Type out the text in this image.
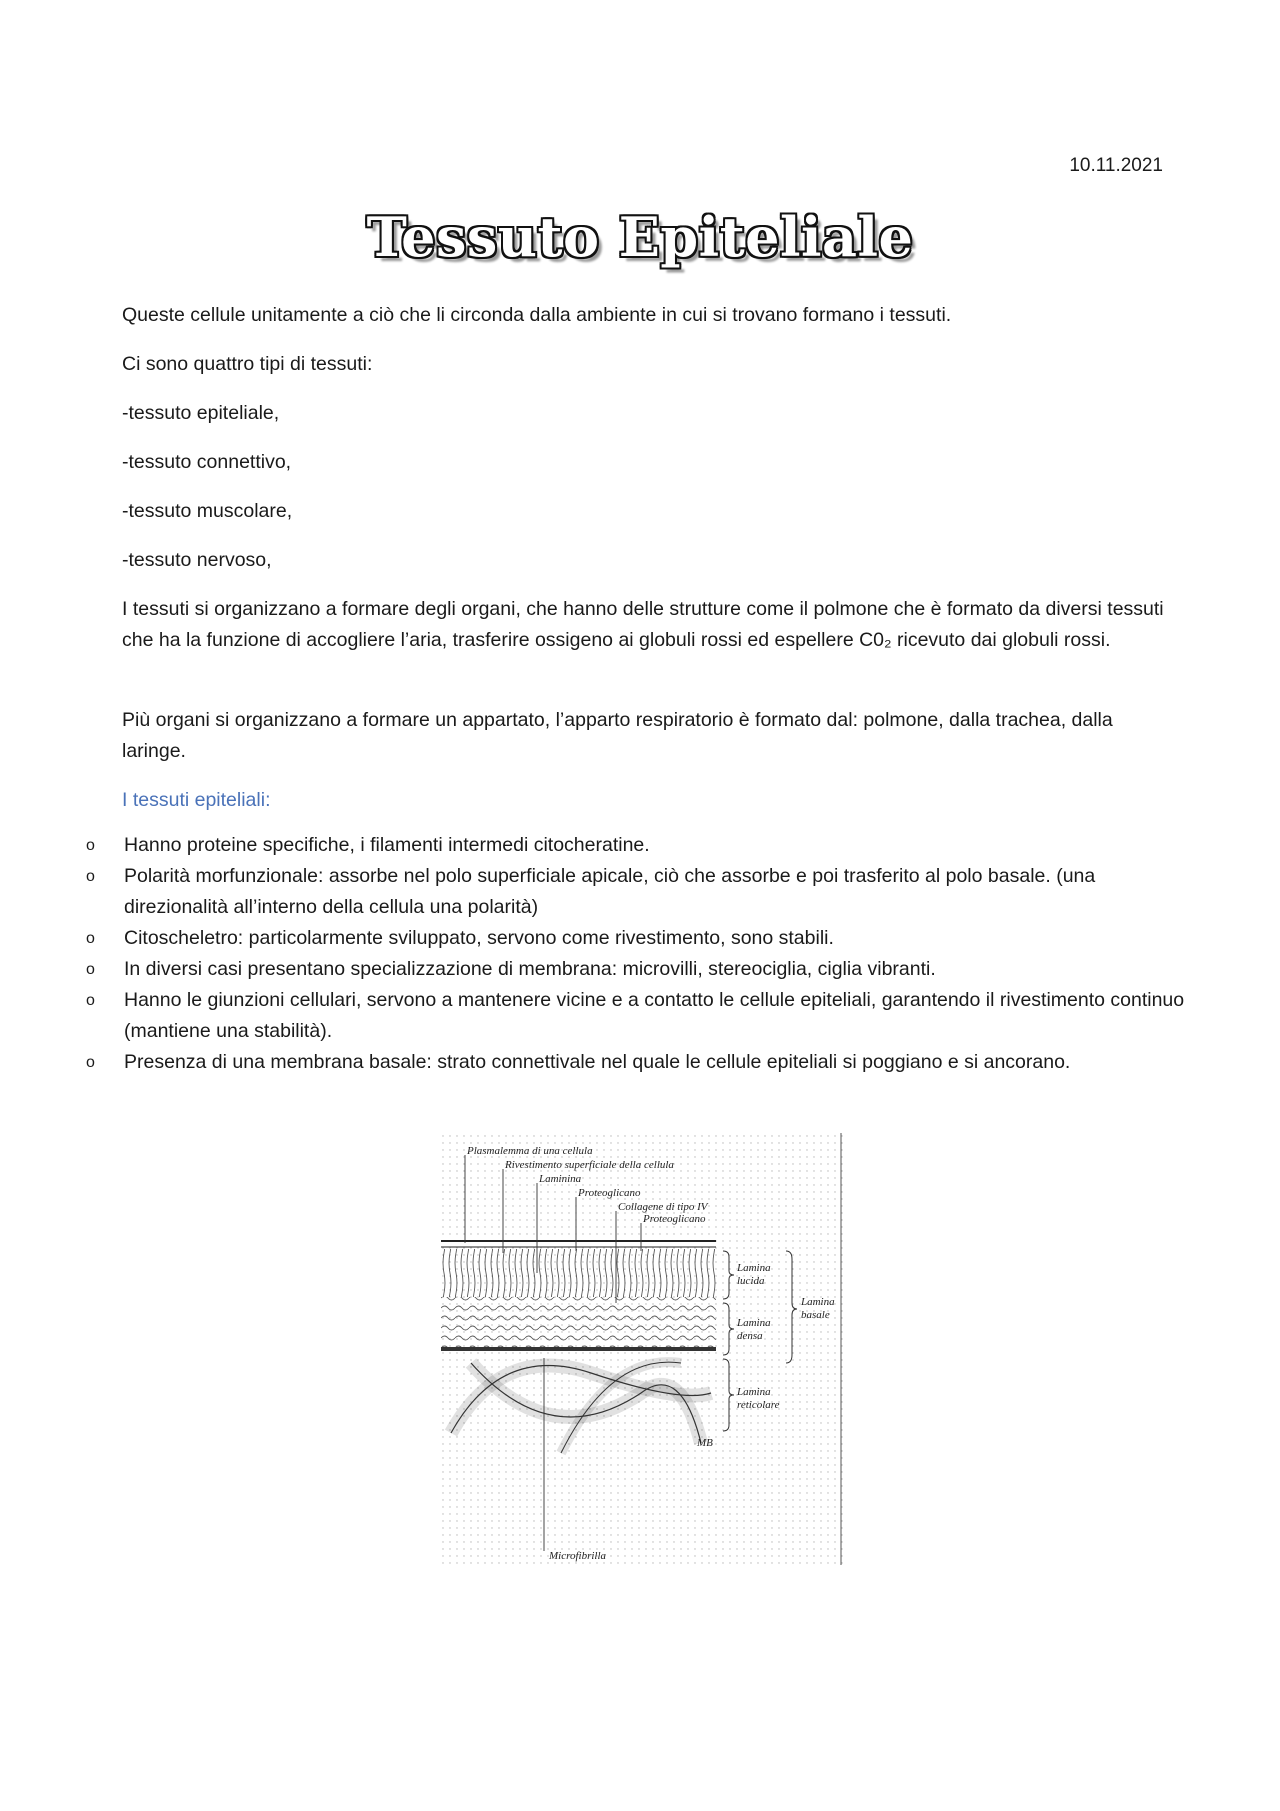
10.11.2021
Tessuto Epiteliale
Queste cellule unitamente a ciò che li circonda dalla ambiente in cui si trovano formano i tessuti.
Ci sono quattro tipi di tessuti:
-tessuto epiteliale,
-tessuto connettivo,
-tessuto muscolare,
-tessuto nervoso,
I tessuti si organizzano a formare degli organi, che hanno delle strutture come il polmone che è formato da diversi tessuti che ha la funzione di accogliere l’aria, trasferire ossigeno ai globuli rossi ed espellere C0₂ ricevuto dai globuli rossi.
Più organi si organizzano a formare un appartato, l’apparto respiratorio è formato dal: polmone, dalla trachea, dalla laringe.
I tessuti epiteliali:
o	Hanno proteine specifiche, i filamenti intermedi citocheratine.
o	Polarità morfunzionale: assorbe nel polo superficiale apicale, ciò che assorbe e poi trasferito al polo basale. (una direzionalità all’interno della cellula una polarità)
o	Citoscheletro: particolarmente sviluppato, servono come rivestimento, sono stabili.
o	In diversi casi presentano specializzazione di membrana: microvilli, stereociglia, ciglia vibranti.
o	Hanno le giunzioni cellulari, servono a mantenere vicine e a contatto le cellule epiteliali, garantendo il rivestimento continuo (mantiene una stabilità).
o	Presenza di una membrana basale: strato connettivale nel quale le cellule epiteliali si poggiano e si ancorano.
Plasmalemma di una cellula
Rivestimento superficiale della cellula
Laminina
Proteoglicano
Collagene di tipo IV
Proteoglicano
Lamina
lucida
Lamina
densa
Lamina
reticolare
Lamina
basale
MB
Microfibrilla
